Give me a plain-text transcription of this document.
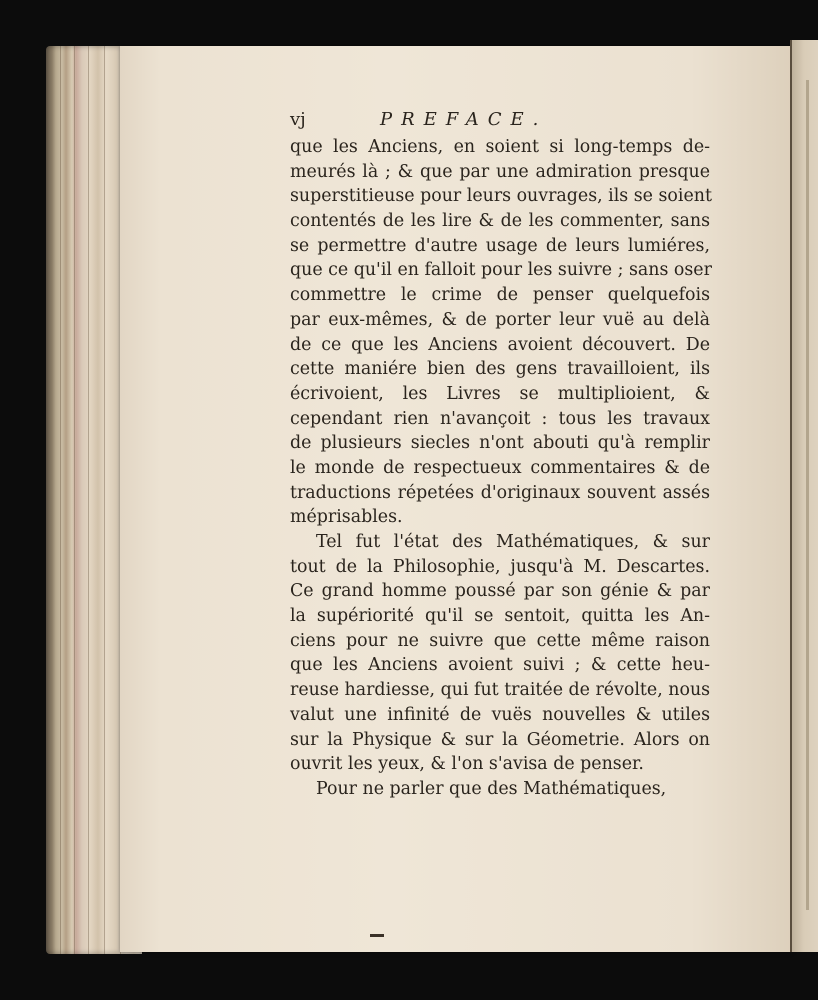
vj	PREFACE.
que les Anciens, en soient si long-temps de-
meurés là ; & que par une admiration presque
superstitieuse pour leurs ouvrages, ils se soient
contentés de les lire & de les commenter, sans
se permettre d'autre usage de leurs lumiéres,
que ce qu'il en falloit pour les suivre ; sans oser
commettre le crime de penser quelquefois
par eux-mêmes, & de porter leur vuë au delà
de ce que les Anciens avoient découvert. De
cette maniére bien des gens travailloient, ils
écrivoient, les Livres se multiplioient, &
cependant rien n'avançoit : tous les travaux
de plusieurs siecles n'ont abouti qu'à remplir
le monde de respectueux commentaires & de
traductions répetées d'originaux souvent assés
méprisables.
Tel fut l'état des Mathématiques, & sur
tout de la Philosophie, jusqu'à M. Descartes.
Ce grand homme poussé par son génie & par
la supériorité qu'il se sentoit, quitta les An-
ciens pour ne suivre que cette même raison
que les Anciens avoient suivi ; & cette heu-
reuse hardiesse, qui fut traitée de révolte, nous
valut une infinité de vuës nouvelles & utiles
sur la Physique & sur la Géometrie. Alors on
ouvrit les yeux, & l'on s'avisa de penser.
Pour ne parler que des Mathématiques,
